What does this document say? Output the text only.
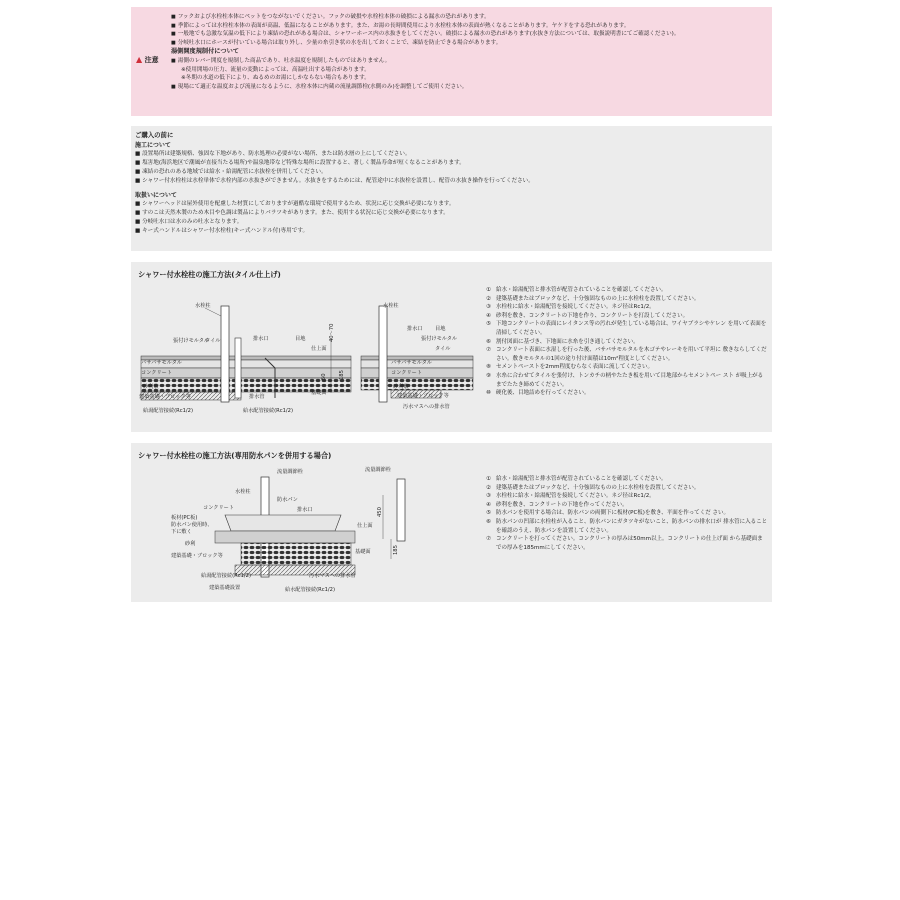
▲ 注意
■ フックおよび水栓柱本体にペットをつながないでください。フックの破損や水栓柱本体の破損による漏水の恐れがあります。
■ 季節によっては水栓柱本体の表面が高温、低温になることがあります。また、お湯の長時間使用により水栓柱本体の表面が熱くなることがあります。ヤケドをする恐れがあります。
■ 一般地でも急激な気温の低下により凍結の恐れがある場合は、シャワーホース内の水抜きをしてください。破損による漏水の恐れがあります(水抜き方法については、取扱説明書にてご確認ください)。
■ 分岐吐水口にホースが付いている場合は取り外し、少量の糸引き状の水を出しておくことで、凍結を防止できる場合があります。
湯側開度規制付について
■ 湯側のレバー開度を規制した商品であり、吐水温度を規制したものではありません。
※使用開場の圧力、流量の変動によっては、高温吐出する場合があります。
※冬期の水道の低下により、ぬるめのお湯にしかならない場合もあります。
■ 現場にて適正な温度および流量になるように、水栓本体に内蔵の流量調節栓(水側のみ)を調整してご使用ください。
ご購入の前に
施工について
■ 設置場所は建築規格、強固な下地があり、防水処理の必要がない場所、または防水層の上にしてください。
■ 塩害地(海浜地区で潮風が直接当たる場所)や温泉地帯など特殊な場所に設置すると、著しく製品寿命が短くなることがあります。
■ 凍結の恐れのある地域では給水・給湯配管に水抜栓を併用してください。
■ シャワー付水栓柱は水栓単体で水栓内部の水抜きができません。水抜きをするためには、配管途中に水抜栓を設置し、配管の水抜き操作を行ってください。
取扱いについて
■ シャワーヘッドは屋外使用を配慮した材質にしておりますが過酷な環境で使用するため、状況に応じ交換が必要になります。
■ すのこは天然木製のため木目や色調は製品によりバラツキがあります。また、使用する状況に応じ交換が必要になります。
■ 分岐吐水口は水のみの吐水となります。
■ キー式ハンドルはシャワー付水栓柱(キー式ハンドル付)専用です。
シャワー付水栓柱の施工方法(タイル仕上げ)
水栓柱
排水口	目地
仕上面
張付けモルタル
タイル
バサバサモルタル
コンクリート
砂利敷
建築基礎・ブロック等
給湯配管接続(Rc1/2)	給水配管接続(Rc1/2)
排水管
基礎面
40〜70
50 185
水栓柱
排水口 目地
張付けモルタル
タイル
バサバサモルタル
コンクリート
砂利敷
建築基礎・ブロック等
汚水マスへの排水管
① 給水・給湯配管と排水管が配管されていることを確認してください。
② 建築基礎またはブロックなど、十分強固なものの上に水栓柱を設置してください。
③ 水栓柱に給水・給湯配管を接続してください。ネジ径はRc1/2。
④ 砂利を敷き、コンクリートの下地を作り、コンクリートを打設してください。
⑤ 下地コンクリートの表面にレイタンス等の汚れが発生している場合は、ワイヤブラシやケレン を用いて表面を清掃してください。
⑥ 割付図面に基づき、下地面に水糸を引き通してください。
⑦ コンクリート表面に水湿しを行った後、バサバサモルタルを木ゴテやレーキを用いて平坦に 敷きならしてください。敷きモルタルの1回の途り付け面積は10m²程度としてください。
⑧ セメントペーストを2mm程度むらなく表面に流してください。
⑨ 水糸に合わせてタイルを張付け、トンカチの柄やたたき板を用いて目地部からセメントペー スト が吸上がるまでたたき締めてください。
⑩ 硬化後、目地詰めを行ってください。
シャワー付水栓柱の施工方法(専用防水パンを併用する場合)
流量調節栓	流量調節栓
水栓柱
防水パン
排水口
コンクリート
板材(PC板)
防水パン使用時、
下に敷く
砂利
建築基礎・ブロック等
給湯配管接続(Rc1/2)
建築基礎設置	給水配管接続(Rc1/2)
汚水マスへの排水管
仕上面
基礎面
450
185
① 給水・給湯配管と排水管が配管されていることを確認してください。
② 建築基礎またはブロックなど、十分強固なものの上に水栓柱を設置してください。
③ 水栓柱に給水・給湯配管を接続してください。ネジ径はRc1/2。
④ 砂利を敷き、コンクリートの下地を作ってください。
⑤ 防水パンを使用する場合は、防水パンの両側下に板材(PC板)を敷き、平面を作ってくだ さい。
⑥ 防水パンの凹部に水栓柱が入ること、防水パンにガタツキがないこと、防水パンの排水口が 排水管に入ることを確認のうえ、防水パンを設置してください。
⑦ コンクリートを打ってください。コンクリートの厚みは50mm以上。コンクリートの仕上げ面 から基礎面までの厚みを185mmにしてください。
